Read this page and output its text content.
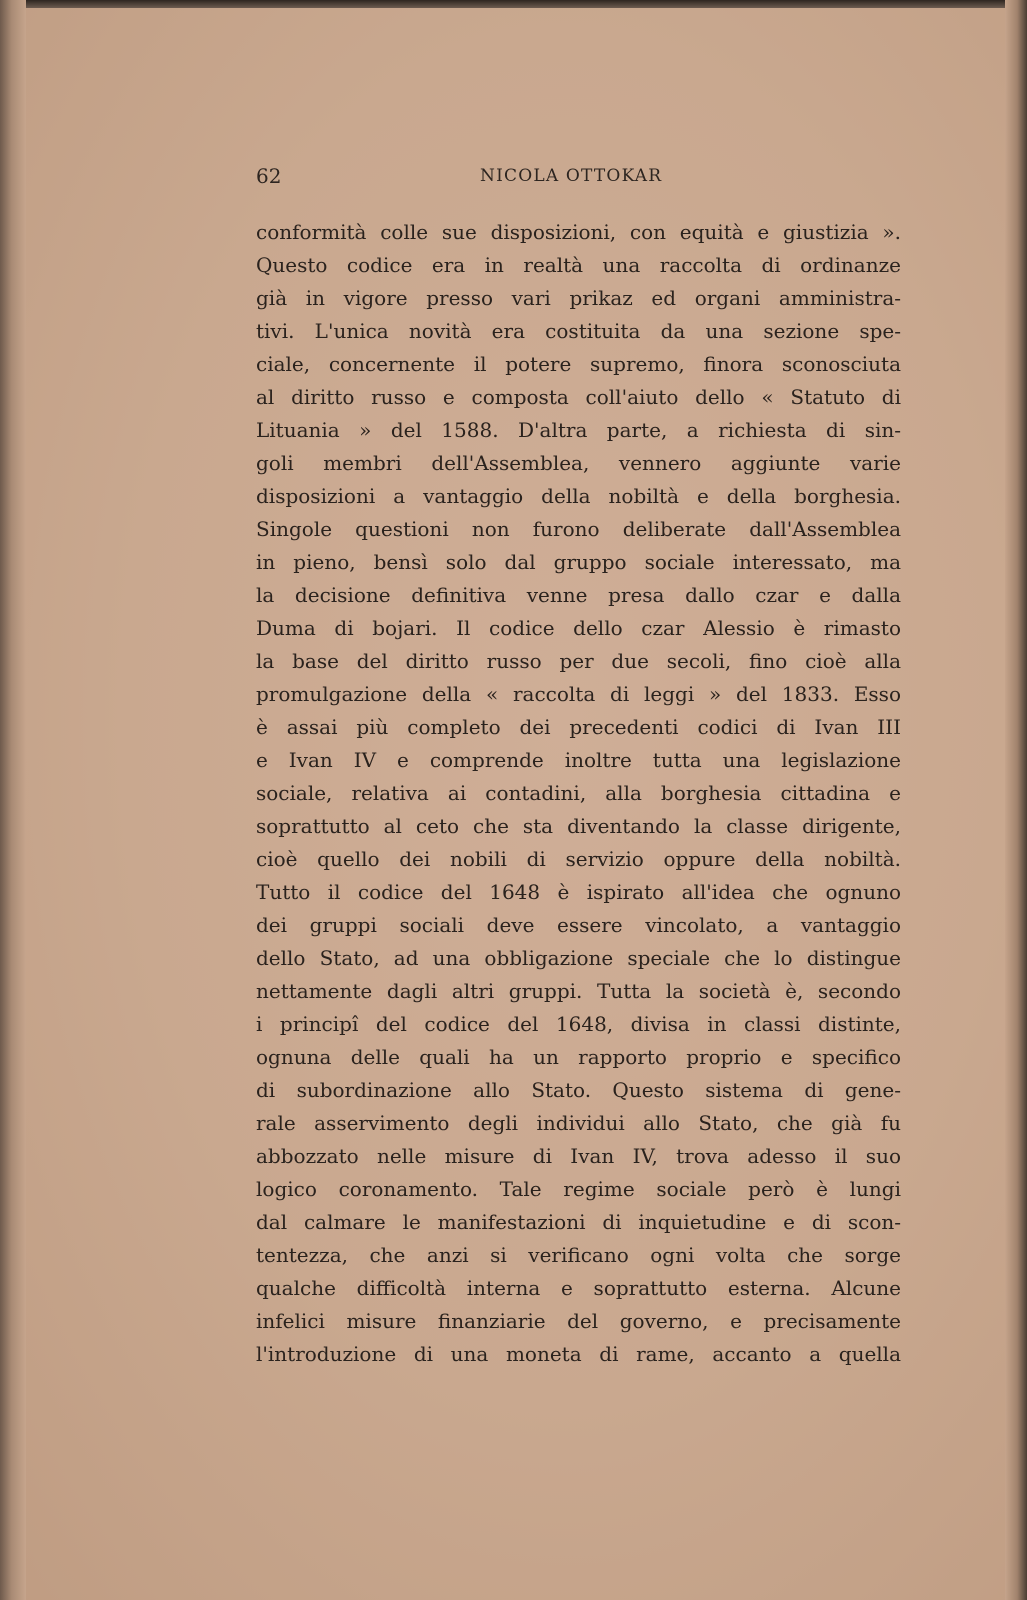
62	NICOLA OTTOKAR
conformità colle sue disposizioni, con equità e giustizia ».
Questo codice era in realtà una raccolta di ordinanze
già in vigore presso vari prikaz ed organi amministra-
tivi. L'unica novità era costituita da una sezione spe-
ciale, concernente il potere supremo, finora sconosciuta
al diritto russo e composta coll'aiuto dello « Statuto di
Lituania » del 1588. D'altra parte, a richiesta di sin-
goli membri dell'Assemblea, vennero aggiunte varie
disposizioni a vantaggio della nobiltà e della borghesia.
Singole questioni non furono deliberate dall'Assemblea
in pieno, bensì solo dal gruppo sociale interessato, ma
la decisione definitiva venne presa dallo czar e dalla
Duma di bojari. Il codice dello czar Alessio è rimasto
la base del diritto russo per due secoli, fino cioè alla
promulgazione della « raccolta di leggi » del 1833. Esso
è assai più completo dei precedenti codici di Ivan III
e Ivan IV e comprende inoltre tutta una legislazione
sociale, relativa ai contadini, alla borghesia cittadina e
soprattutto al ceto che sta diventando la classe dirigente,
cioè quello dei nobili di servizio oppure della nobiltà.
Tutto il codice del 1648 è ispirato all'idea che ognuno
dei gruppi sociali deve essere vincolato, a vantaggio
dello Stato, ad una obbligazione speciale che lo distingue
nettamente dagli altri gruppi. Tutta la società è, secondo
i principî del codice del 1648, divisa in classi distinte,
ognuna delle quali ha un rapporto proprio e specifico
di subordinazione allo Stato. Questo sistema di gene-
rale asservimento degli individui allo Stato, che già fu
abbozzato nelle misure di Ivan IV, trova adesso il suo
logico coronamento. Tale regime sociale però è lungi
dal calmare le manifestazioni di inquietudine e di scon-
tentezza, che anzi si verificano ogni volta che sorge
qualche difficoltà interna e soprattutto esterna. Alcune
infelici misure finanziarie del governo, e precisamente
l'introduzione di una moneta di rame, accanto a quella
